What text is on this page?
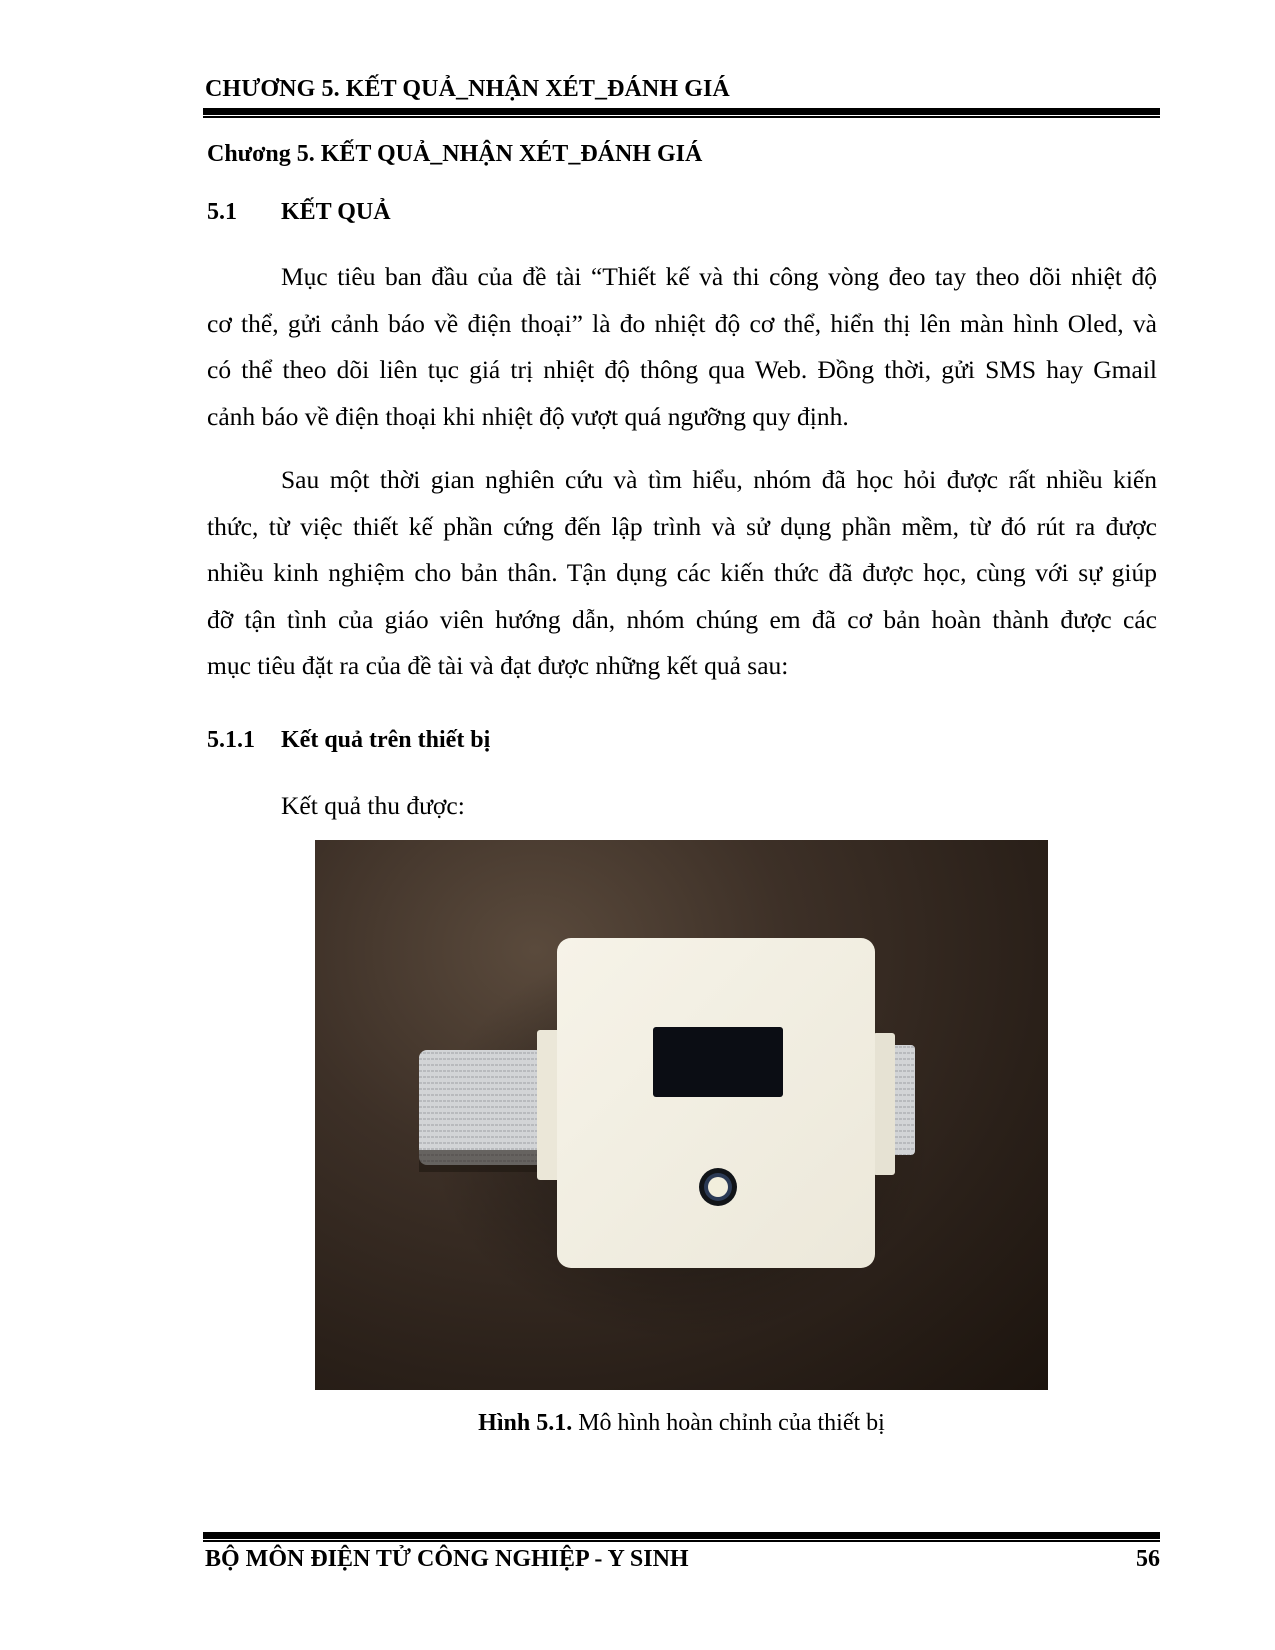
CHƯƠNG 5. KẾT QUẢ_NHẬN XÉT_ĐÁNH GIÁ
Chương 5. KẾT QUẢ_NHẬN XÉT_ĐÁNH GIÁ
5.1 KẾT QUẢ
Mục tiêu ban đầu của đề tài “Thiết kế và thi công vòng đeo tay theo dõi nhiệt độ
cơ thể, gửi cảnh báo về điện thoại” là đo nhiệt độ cơ thể, hiển thị lên màn hình Oled, và
có thể theo dõi liên tục giá trị nhiệt độ thông qua Web. Đồng thời, gửi SMS hay Gmail
cảnh báo về điện thoại khi nhiệt độ vượt quá ngưỡng quy định.
Sau một thời gian nghiên cứu và tìm hiểu, nhóm đã học hỏi được rất nhiều kiến
thức, từ việc thiết kế phần cứng đến lập trình và sử dụng phần mềm, từ đó rút ra được
nhiều kinh nghiệm cho bản thân. Tận dụng các kiến thức đã được học, cùng với sự giúp
đỡ tận tình của giáo viên hướng dẫn, nhóm chúng em đã cơ bản hoàn thành được các
mục tiêu đặt ra của đề tài và đạt được những kết quả sau:
5.1.1 Kết quả trên thiết bị
Kết quả thu được:
Hình 5.1. Mô hình hoàn chỉnh của thiết bị
BỘ MÔN ĐIỆN TỬ CÔNG NGHIỆP - Y SINH	56
